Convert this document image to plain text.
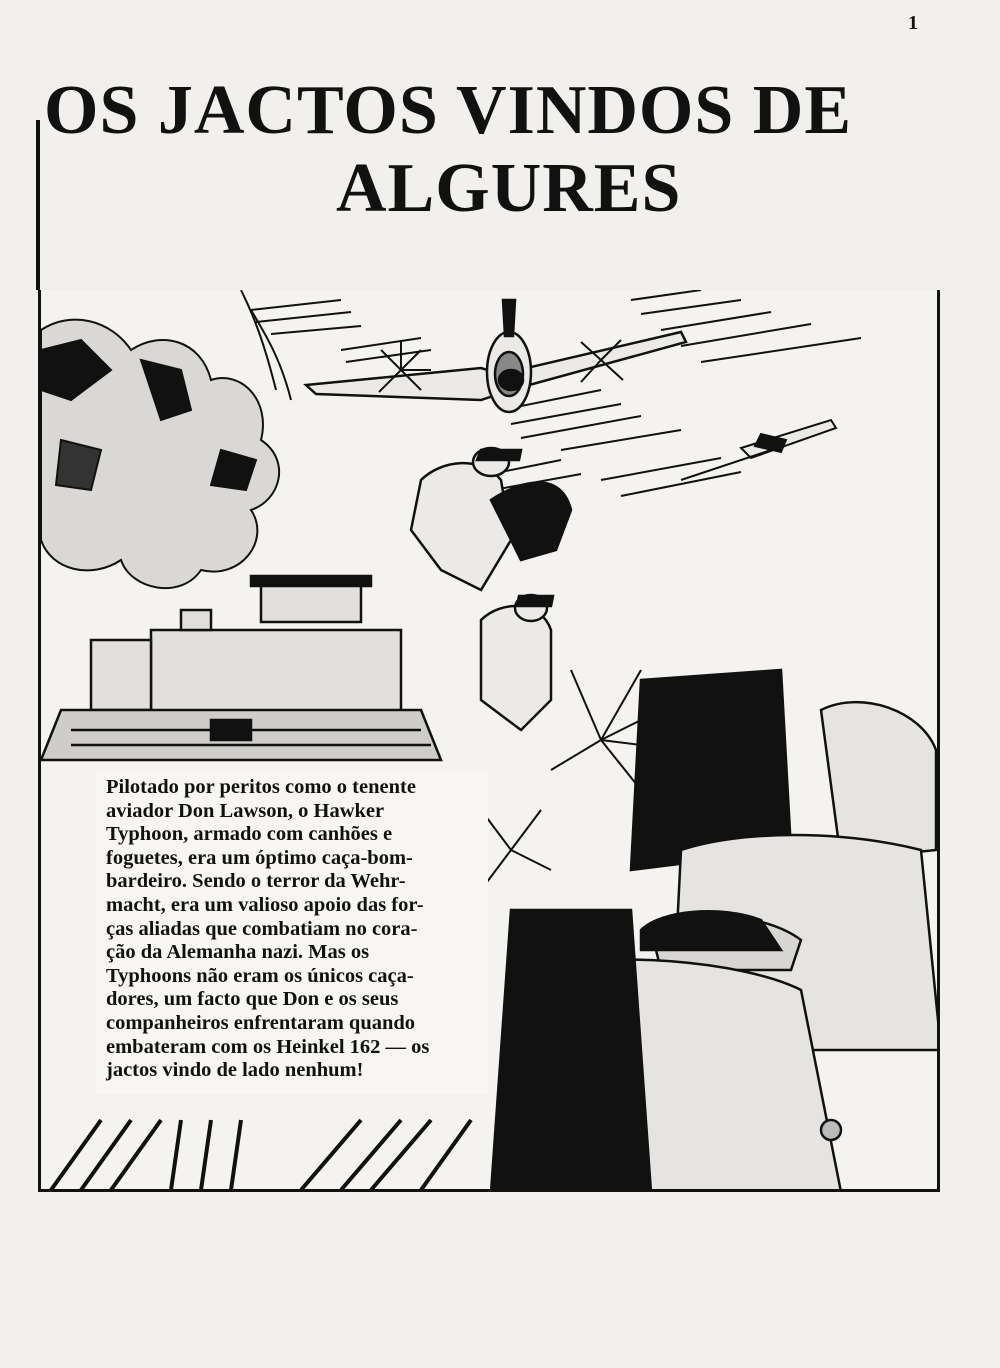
1
OS JACTOS VINDOS DE
ALGURES

Pilotado por peritos como o tenente
aviador Don Lawson, o Hawker
Typhoon, armado com canhões e
foguetes, era um óptimo caça-bom-
bardeiro. Sendo o terror da Wehr-
macht, era um valioso apoio das for-
ças aliadas que combatiam no cora-
ção da Alemanha nazi. Mas os
Typhoons não eram os únicos caça-
dores, um facto que Don e os seus
companheiros enfrentaram quando
embateram com os Heinkel 162 — os
jactos vindo de lado nenhum!
